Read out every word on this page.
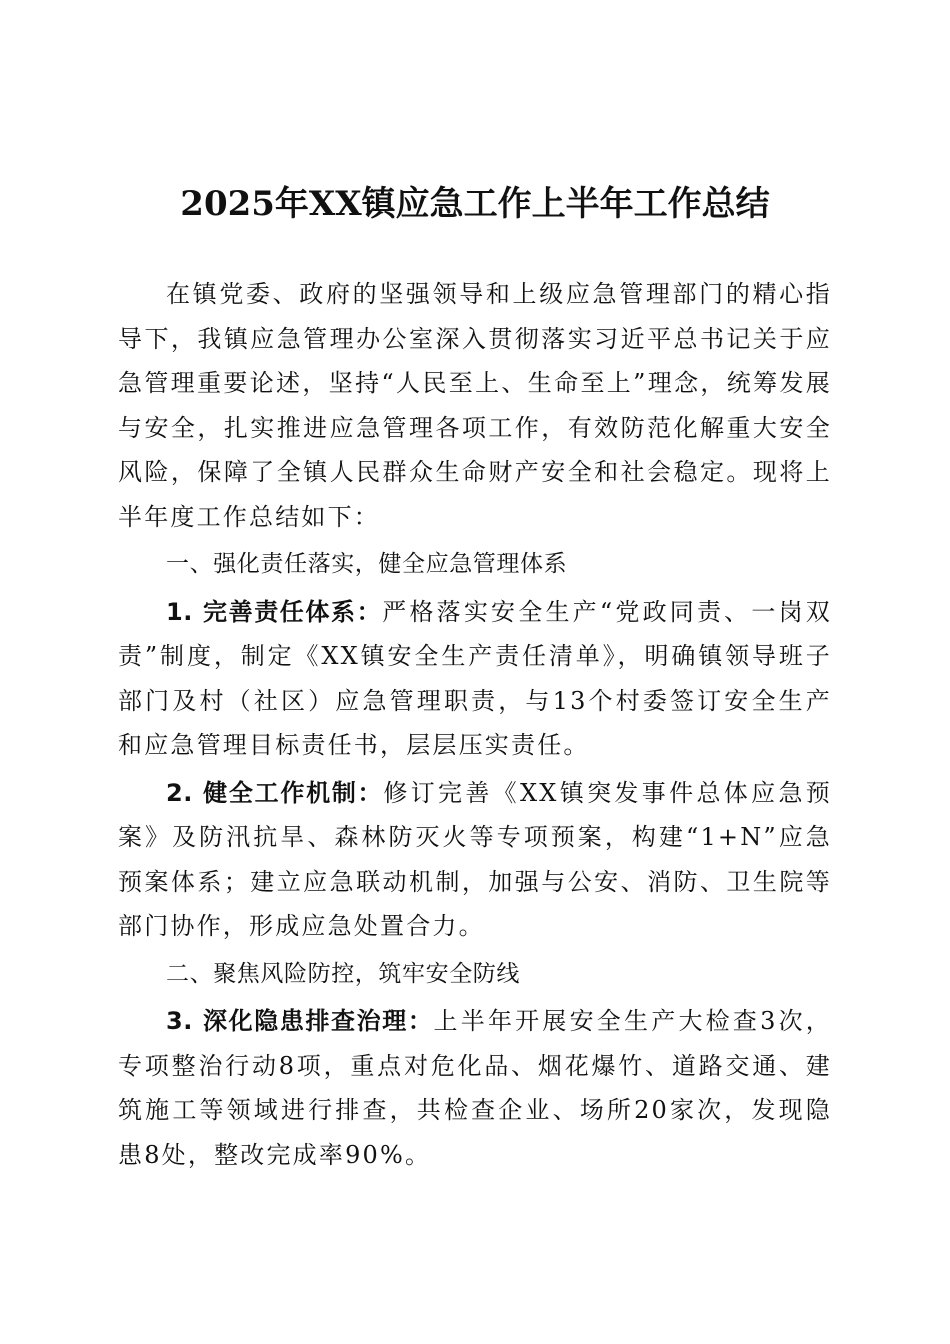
2025年XX镇应急工作上半年工作总结

在镇党委、政府的坚强领导和上级应急管理部门的精心指导下，我镇应急管理办公室深入贯彻落实习近平总书记关于应急管理重要论述，坚持“人民至上、生命至上”理念，统筹发展与安全，扎实推进应急管理各项工作，有效防范化解重大安全风险，保障了全镇人民群众生命财产安全和社会稳定。现将上半年度工作总结如下：

一、强化责任落实，健全应急管理体系

1. 完善责任体系：严格落实安全生产“党政同责、一岗双责”制度，制定《XX镇安全生产责任清单》，明确镇领导班子部门及村（社区）应急管理职责，与13个村委签订安全生产和应急管理目标责任书，层层压实责任。

2. 健全工作机制：修订完善《XX镇突发事件总体应急预案》及防汛抗旱、森林防灭火等专项预案，构建“1+N”应急预案体系；建立应急联动机制，加强与公安、消防、卫生院等部门协作，形成应急处置合力。

二、聚焦风险防控，筑牢安全防线

3. 深化隐患排查治理：上半年开展安全生产大检查3次，专项整治行动8项，重点对危化品、烟花爆竹、道路交通、建筑施工等领域进行排查，共检查企业、场所20家次，发现隐患8处，整改完成率90%。
